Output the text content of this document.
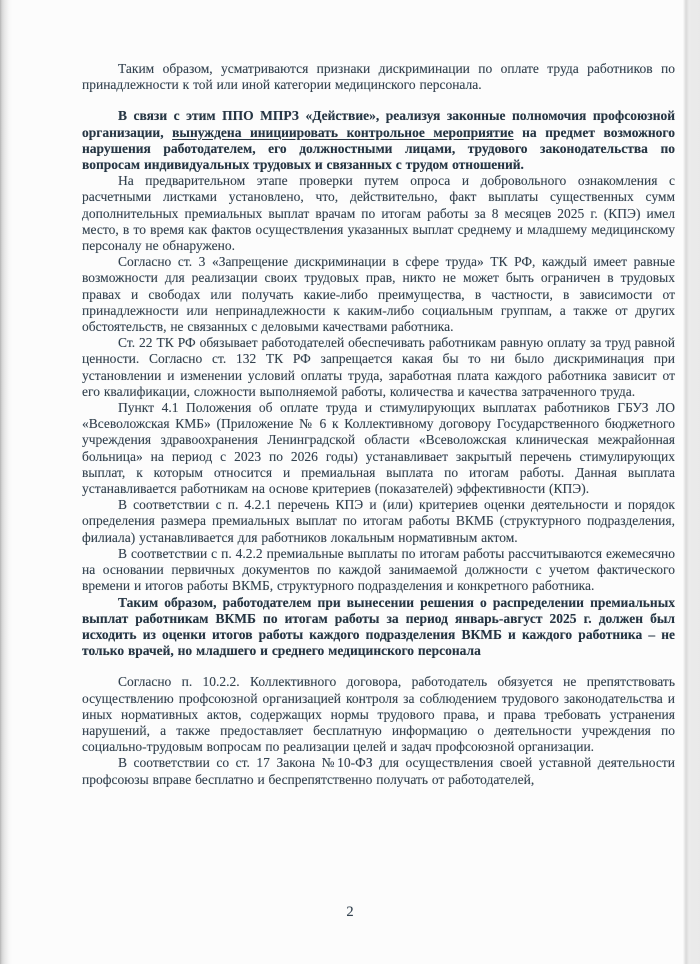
Таким образом, усматриваются признаки дискриминации по оплате труда работников по принадлежности к той или иной категории медицинского персонала.

В связи с этим ППО МПРЗ «Действие», реализуя законные полномочия профсоюзной организации, вынуждена инициировать контрольное мероприятие на предмет возможного нарушения работодателем, его должностными лицами, трудового законодательства по вопросам индивидуальных трудовых и связанных с трудом отношений.

На предварительном этапе проверки путем опроса и добровольного ознакомления с расчетными листками установлено, что, действительно, факт выплаты существенных сумм дополнительных премиальных выплат врачам по итогам работы за 8 месяцев 2025 г. (КПЭ) имел место, в то время как фактов осуществления указанных выплат среднему и младшему медицинскому персоналу не обнаружено.

Согласно ст. 3 «Запрещение дискриминации в сфере труда» ТК РФ, каждый имеет равные возможности для реализации своих трудовых прав, никто не может быть ограничен в трудовых правах и свободах или получать какие-либо преимущества, в частности, в зависимости от принадлежности или непринадлежности к каким-либо социальным группам, а также от других обстоятельств, не связанных с деловыми качествами работника.

Ст. 22 ТК РФ обязывает работодателей обеспечивать работникам равную оплату за труд равной ценности. Согласно ст. 132 ТК РФ запрещается какая бы то ни было дискриминация при установлении и изменении условий оплаты труда, заработная плата каждого работника зависит от его квалификации, сложности выполняемой работы, количества и качества затраченного труда.

Пункт 4.1 Положения об оплате труда и стимулирующих выплатах работников ГБУЗ ЛО «Всеволожская КМБ» (Приложение № 6 к Коллективному договору Государственного бюджетного учреждения здравоохранения Ленинградской области «Всеволожская клиническая межрайонная больница» на период с 2023 по 2026 годы) устанавливает закрытый перечень стимулирующих выплат, к которым относится и премиальная выплата по итогам работы. Данная выплата устанавливается работникам на основе критериев (показателей) эффективности (КПЭ).

В соответствии с п. 4.2.1 перечень КПЭ и (или) критериев оценки деятельности и порядок определения размера премиальных выплат по итогам работы ВКМБ (структурного подразделения, филиала) устанавливается для работников локальным нормативным актом.

В соответствии с п. 4.2.2 премиальные выплаты по итогам работы рассчитываются ежемесячно на основании первичных документов по каждой занимаемой должности с учетом фактического времени и итогов работы ВКМБ, структурного подразделения и конкретного работника.

Таким образом, работодателем при вынесении решения о распределении премиальных выплат работникам ВКМБ по итогам работы за период январь-август 2025 г. должен был исходить из оценки итогов работы каждого подразделения ВКМБ и каждого работника – не только врачей, но младшего и среднего медицинского персонала

Согласно п. 10.2.2. Коллективного договора, работодатель обязуется не препятствовать осуществлению профсоюзной организацией контроля за соблюдением трудового законодательства и иных нормативных актов, содержащих нормы трудового права, и права требовать устранения нарушений, а также предоставляет бесплатную информацию о деятельности учреждения по социально-трудовым вопросам по реализации целей и задач профсоюзной организации.

В соответствии со ст. 17 Закона №10-ФЗ для осуществления своей уставной деятельности профсоюзы вправе бесплатно и беспрепятственно получать от работодателей,

2
